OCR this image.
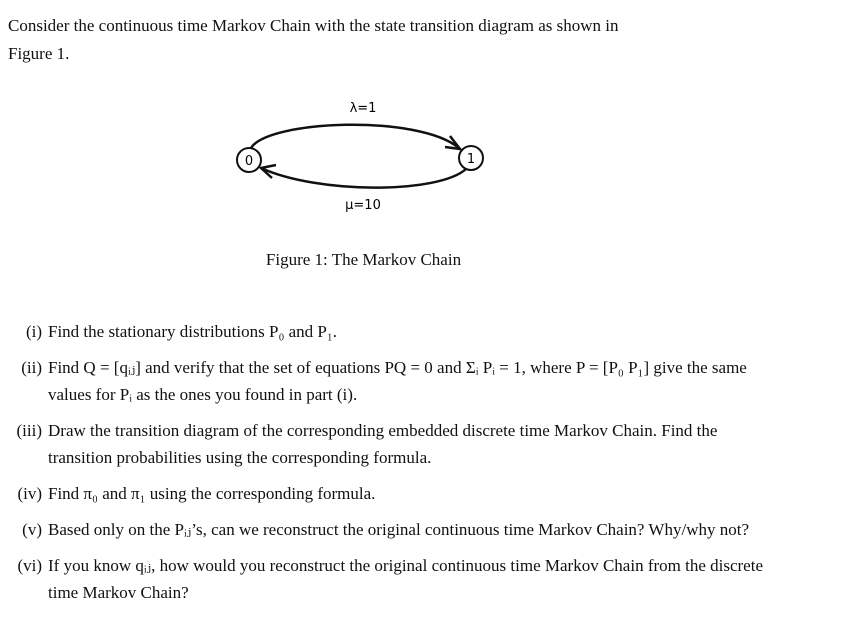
Consider the continuous time Markov Chain with the state transition diagram as shown in
Figure 1.
0	1
λ=1
μ=10
Figure 1: The Markov Chain
(i) Find the stationary distributions P₀ and P₁.
(ii) Find Q = [qᵢⱼ] and verify that the set of equations PQ = 0 and Σᵢ Pᵢ = 1, where P = [P₀ P₁] give the same values for Pᵢ as the ones you found in part (i).
(iii) Draw the transition diagram of the corresponding embedded discrete time Markov Chain. Find the transition probabilities using the corresponding formula.
(iv) Find π₀ and π₁ using the corresponding formula.
(v) Based only on the Pᵢⱼ’s, can we reconstruct the original continuous time Markov Chain? Why/why not?
(vi) If you know qᵢⱼ, how would you reconstruct the original continuous time Markov Chain from the discrete time Markov Chain?
